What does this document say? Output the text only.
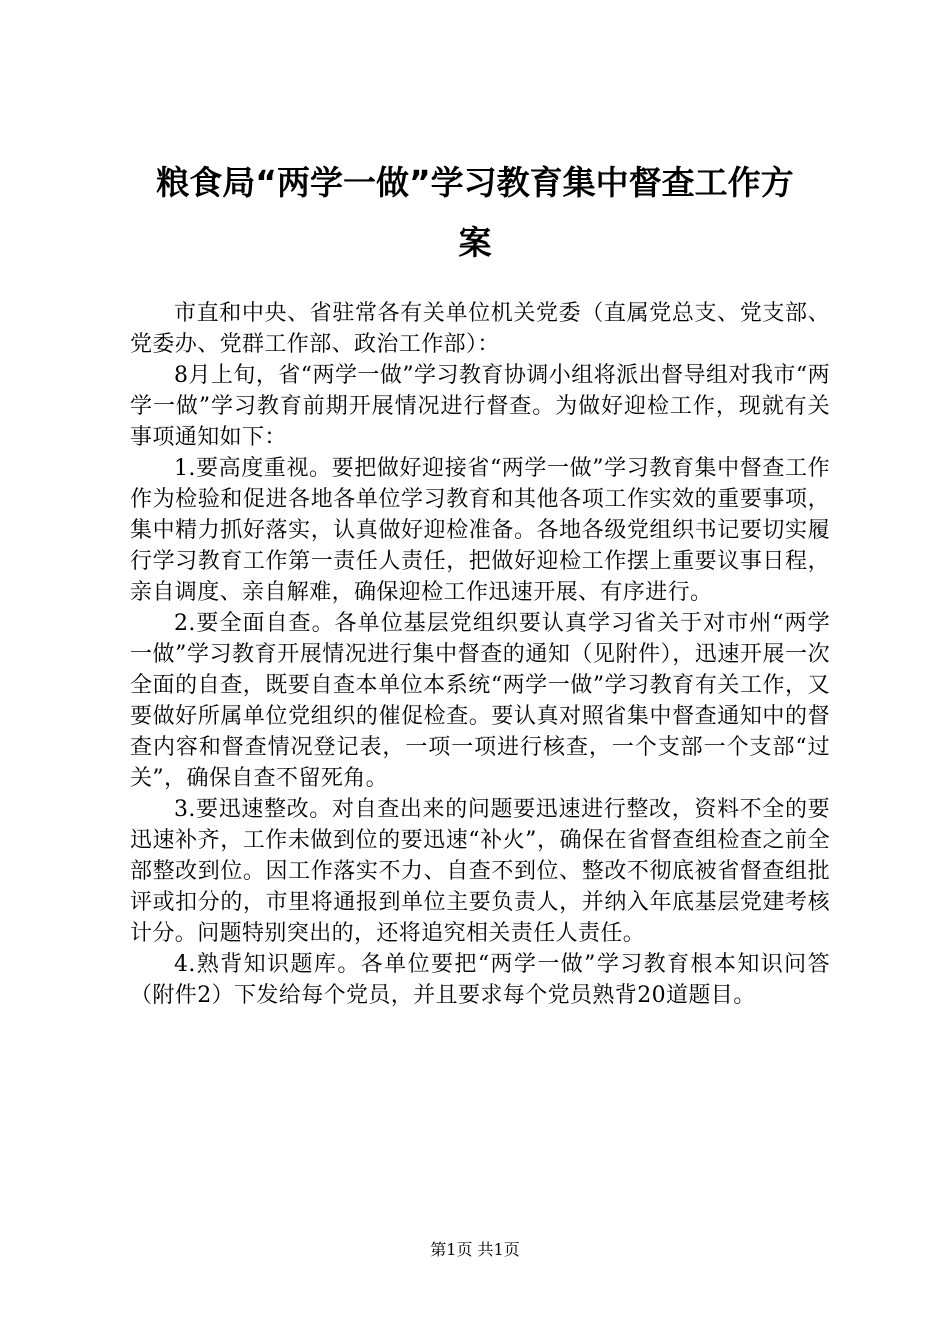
粮食局“两学一做”学习教育集中督查工作方
案

市直和中央、省驻常各有关单位机关党委（直属党总支、党支部、党委办、党群工作部、政治工作部）：

8月上旬，省“两学一做”学习教育协调小组将派出督导组对我市“两学一做”学习教育前期开展情况进行督查。为做好迎检工作，现就有关事项通知如下：

1.要高度重视。要把做好迎接省“两学一做”学习教育集中督查工作作为检验和促进各地各单位学习教育和其他各项工作实效的重要事项，集中精力抓好落实，认真做好迎检准备。各地各级党组织书记要切实履行学习教育工作第一责任人责任，把做好迎检工作摆上重要议事日程，亲自调度、亲自解难，确保迎检工作迅速开展、有序进行。

2.要全面自查。各单位基层党组织要认真学习省关于对市州“两学一做”学习教育开展情况进行集中督查的通知（见附件），迅速开展一次全面的自查，既要自查本单位本系统“两学一做”学习教育有关工作，又要做好所属单位党组织的催促检查。要认真对照省集中督查通知中的督查内容和督查情况登记表，一项一项进行核查，一个支部一个支部“过关”，确保自查不留死角。

3.要迅速整改。对自查出来的问题要迅速进行整改，资料不全的要迅速补齐，工作未做到位的要迅速“补火”，确保在省督查组检查之前全部整改到位。因工作落实不力、自查不到位、整改不彻底被省督查组批评或扣分的，市里将通报到单位主要负责人，并纳入年底基层党建考核计分。问题特别突出的，还将追究相关责任人责任。

4.熟背知识题库。各单位要把“两学一做”学习教育根本知识问答（附件2）下发给每个党员，并且要求每个党员熟背20道题目。

第1页 共1页
